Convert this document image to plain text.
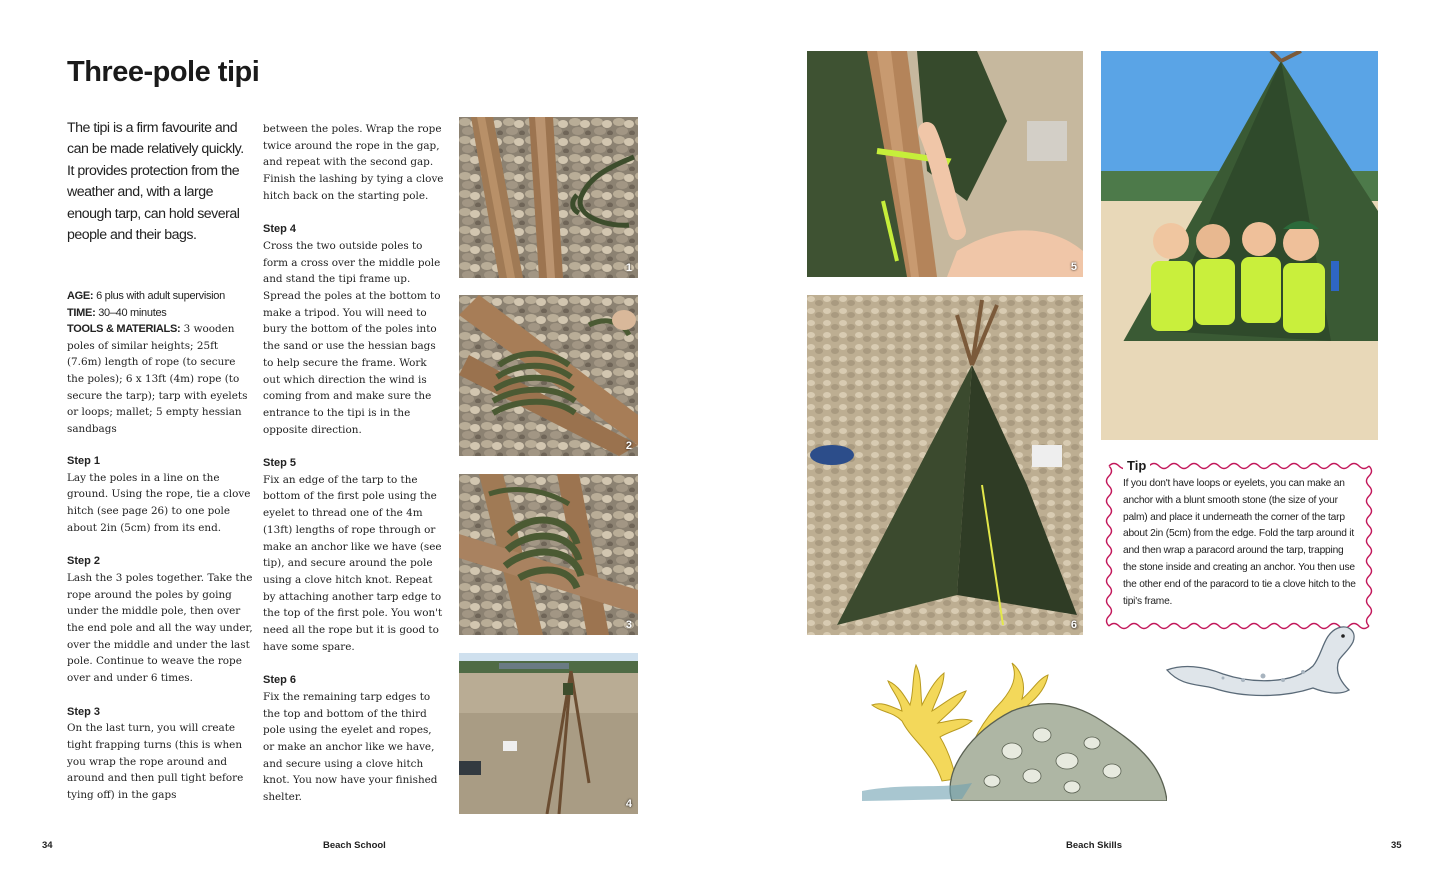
Three-pole tipi

The tipi is a firm favourite and can be made relatively quickly. It provides protection from the weather and, with a large enough tarp, can hold several people and their bags.

AGE: 6 plus with adult supervision
TIME: 30–40 minutes
TOOLS & MATERIALS: 3 wooden poles of similar heights; 25ft (7.6m) length of rope (to secure the poles); 6 x 13ft (4m) rope (to secure the tarp); tarp with eyelets or loops; mallet; 5 empty hessian sandbags
Step 1
Lay the poles in a line on the ground. Using the rope, tie a clove hitch (see page 26) to one pole about 2in (5cm) from its end.
Step 2
Lash the 3 poles together. Take the rope around the poles by going under the middle pole, then over the end pole and all the way under, over the middle and under the last pole. Continue to weave the rope over and under 6 times.
Step 3
On the last turn, you will create tight frapping turns (this is when you wrap the rope around and around and then pull tight before tying off) in the gaps
between the poles. Wrap the rope twice around the rope in the gap, and repeat with the second gap. Finish the lashing by tying a clove hitch back on the starting pole.
Step 4
Cross the two outside poles to form a cross over the middle pole and stand the tipi frame up. Spread the poles at the bottom to make a tripod. You will need to bury the bottom of the poles into the sand or use the hessian bags to help secure the frame. Work out which direction the wind is coming from and make sure the entrance to the tipi is in the opposite direction.
Step 5
Fix an edge of the tarp to the bottom of the first pole using the eyelet to thread one of the 4m (13ft) lengths of rope through or make an anchor like we have (see tip), and secure around the pole using a clove hitch knot. Repeat by attaching another tarp edge to the top of the first pole. You won't need all the rope but it is good to have some spare.
Step 6
Fix the remaining tarp edges to the top and bottom of the third pole using the eyelet and ropes, or make an anchor like we have, and secure using a clove hitch knot. You now have your finished shelter.
1
2
3
4
34	Beach School
5
6
Tip
If you don't have loops or eyelets, you can make an anchor with a blunt smooth stone (the size of your palm) and place it underneath the corner of the tarp about 2in (5cm) from the edge. Fold the tarp around it and then wrap a paracord around the tarp, trapping the stone inside and creating an anchor. You then use the other end of the paracord to tie a clove hitch to the tipi's frame.
Beach Skills	35
